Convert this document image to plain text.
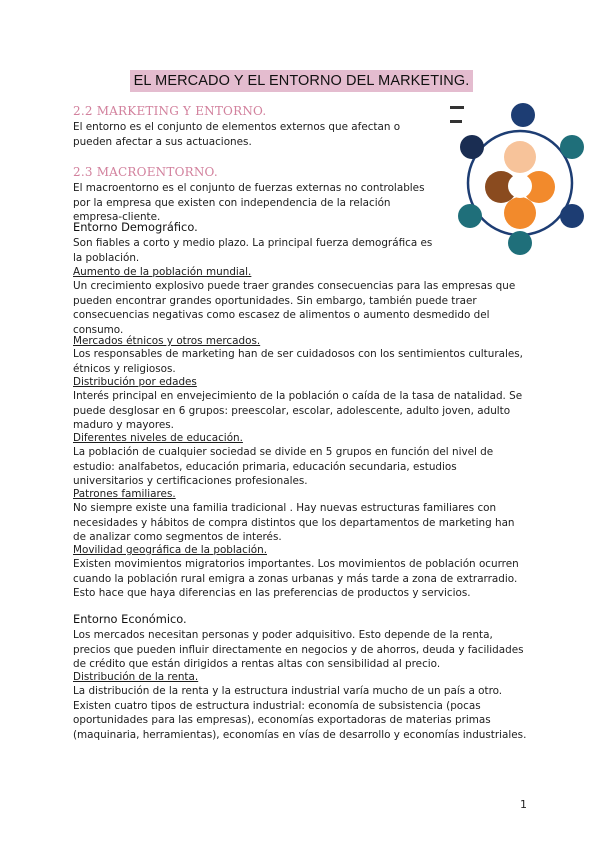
EL MERCADO Y EL ENTORNO DEL MARKETING.
2.2 MARKETING Y ENTORNO.
El entorno es el conjunto de elementos externos que afectan o pueden afectar a sus actuaciones.
2.3 MACROENTORNO.
El macroentorno es el conjunto de fuerzas externas no controlables por la empresa que existen con independencia de la relación empresa-cliente.
Entorno Demográfico.
Son fiables a corto y medio plazo. La principal fuerza demográfica es la población.
Aumento de la población mundial.
Un crecimiento explosivo puede traer grandes consecuencias para las empresas que pueden encontrar grandes oportunidades. Sin embargo, también puede traer consecuencias negativas como escasez de alimentos o aumento desmedido del consumo.
Mercados étnicos y otros mercados.
Los responsables de marketing han de ser cuidadosos con los sentimientos culturales, étnicos y religiosos.
Distribución por edades
Interés principal en envejecimiento de la población o caída de la tasa de natalidad. Se puede desglosar en 6 grupos: preescolar, escolar, adolescente, adulto joven, adulto maduro y mayores.
Diferentes niveles de educación.
La población de cualquier sociedad se divide en 5 grupos en función del nivel de estudio: analfabetos, educación primaria, educación secundaria, estudios universitarios y certificaciones profesionales.
Patrones familiares.
No siempre existe una familia tradicional . Hay nuevas estructuras familiares con necesidades y hábitos de compra distintos que los departamentos de marketing han de analizar como segmentos de interés.
Movilidad geográfica de la población.
Existen movimientos migratorios importantes. Los movimientos de población ocurren cuando la población rural emigra a zonas urbanas y más tarde a zona de extrarradio. Esto hace que haya diferencias en las preferencias de productos y servicios.
Entorno Económico.
Los mercados necesitan personas y poder adquisitivo. Esto depende de la renta, precios que pueden influir directamente en negocios y de ahorros, deuda y facilidades de crédito que están dirigidos a rentas altas con sensibilidad al precio.
Distribución de la renta.
La distribución de la renta y la estructura industrial varía mucho de un país a otro. Existen cuatro tipos de estructura industrial: economía de subsistencia (pocas oportunidades para las empresas), economías exportadoras de materias primas (maquinaria, herramientas), economías en vías de desarrollo y economías industriales.
1
